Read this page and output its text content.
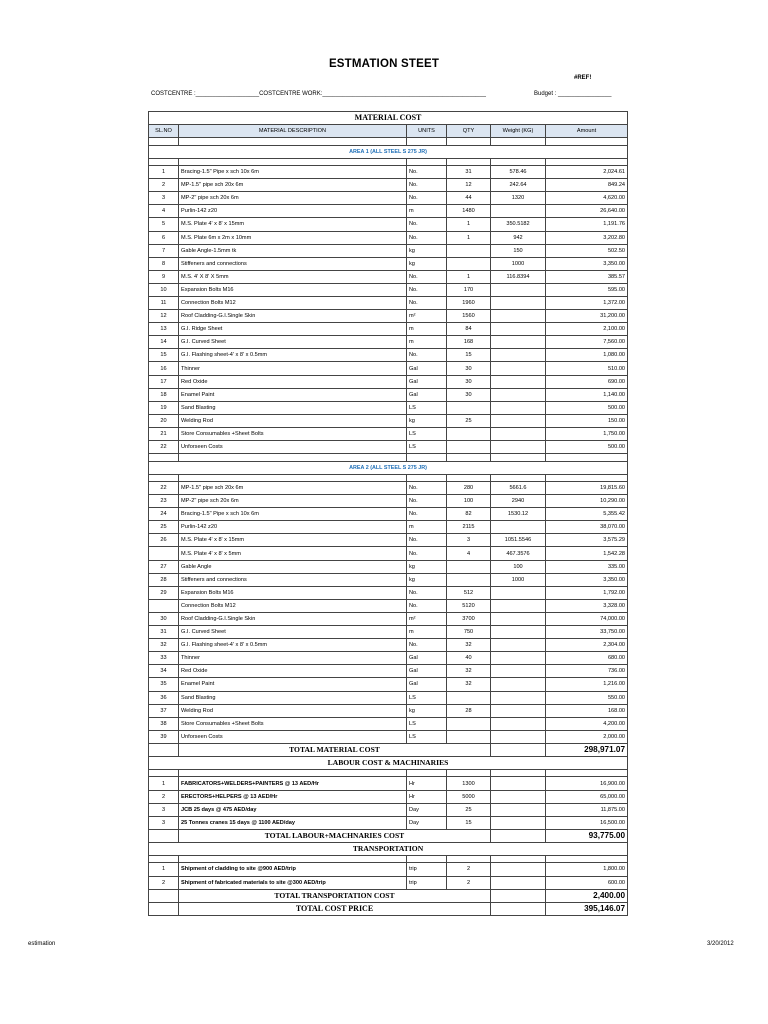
ESTMATION STEET
#REF!
COSTCENTRE :___________________COSTCENTRE WORK:_________________________________________________	Budget : ________________
MATERIAL COST					
SL.NO	MATERIAL DESCRIPTION	UNITS	QTY	Weight (KG)	Amount

AREA 1 (ALL STEEL S 275 JR)					

1	Bracing-1.5" Pipe x sch 10x 6m	No.	31	578.46	2,024.61
2	MP-1.5" pipe sch 20x 6m	No.	12	242.64	849.24
3	MP-2" pipe sch 20x 6m	No.	44	1320	4,620.00
4	Purlin-142 z20	m	1480		26,640.00
5	M.S. Plate 4' x 8' x 15mm	No.	1	350.5182	1,191.76
6	M.S. Plate 6m x 2m x 10mm	No.	1	942	3,202.80
7	Gable Angle-1.5mm tk	kg		150	502.50
8	Stiffeners and connections	kg		1000	3,350.00
9	M.S. 4' X 8' X 5mm	No.	1	116.8394	385.57
10	Expansion Bolts M16	No.	170		595.00
11	Connection Bolts M12	No.	1960		1,372.00
12	Roof Cladding-G.I.Single Skin	m²	1560		31,200.00
13	G.I. Ridge Sheet	m	84		2,100.00
14	G.I. Curved Sheet	m	168		7,560.00
15	G.I. Flashing sheet-4' x 8' x 0.5mm	No.	15		1,080.00
16	Thinner	Gal	30		510.00
17	Red Oxide	Gal	30		690.00
18	Enamel Paint	Gal	30		1,140.00
19	Sand Blasting	LS			500.00
20	Welding Rod	kg	25		150.00
21	Store Consumables +Sheet Bolts	LS			1,750.00
22	Unforseen Costs	LS			500.00

AREA 2 (ALL STEEL S 275 JR)					

22	MP-1.5" pipe sch 20x 6m	No.	280	5661.6	19,815.60
23	MP-2" pipe sch 20x 6m	No.	100	2940	10,290.00
24	Bracing-1.5" Pipe x sch 10x 6m	No.	82	1530.12	5,355.42
25	Purlin-142 z20	m	2115		38,070.00
26	M.S. Plate 4' x 8' x 15mm	No.	3	1051.5546	3,575.29
	M.S. Plate 4' x 8' x 5mm	No.	4	467.3576	1,542.28
27	Gable Angle	kg		100	335.00
28	Stiffeners and connections	kg		1000	3,350.00
29	Expansion Bolts M16	No.	512		1,792.00
	Connection Bolts M12	No.	5120		3,328.00
30	Roof Cladding-G.I.Single Skin	m²	3700		74,000.00
31	G.I. Curved Sheet	m	750		33,750.00
32	G.I. Flashing sheet-4' x 8' x 0.5mm	No.	32		2,304.00
33	Thinner	Gal	40		680.00
34	Red Oxide	Gal	32		736.00
35	Enamel Paint	Gal	32		1,216.00
36	Sand Blasting	LS			550.00
37	Welding Rod	kg	28		168.00
38	Store Consumables +Sheet Bolts	LS			4,200.00
39	Unforseen Costs	LS			2,000.00
	TOTAL MATERIAL COST				298,971.07
LABOUR COST & MACHINARIES					

1	FABRICATORS+WELDERS+PAINTERS @ 13 AED/Hr	Hr	1300		16,900.00
2	ERECTORS+HELPERS @ 13 AED/Hr	Hr	5000		65,000.00
3	JCB 25 days @ 475 AED/day	Day	25		11,875.00
3	25 Tonnes cranes 15 days @ 1100 AED/day	Day	15		16,500.00
	TOTAL LABOUR+MACHNARIES COST				93,775.00
TRANSPORTATION					

1	Shipment of cladding to site @900 AED/trip	trip	2		1,800.00
2	Shipment of fabricated materials to site @300 AED/trip	trip	2		600.00
	TOTAL TRANSPORTATION COST				2,400.00
	TOTAL COST PRICE				395,146.07
estimation	3/20/2012
